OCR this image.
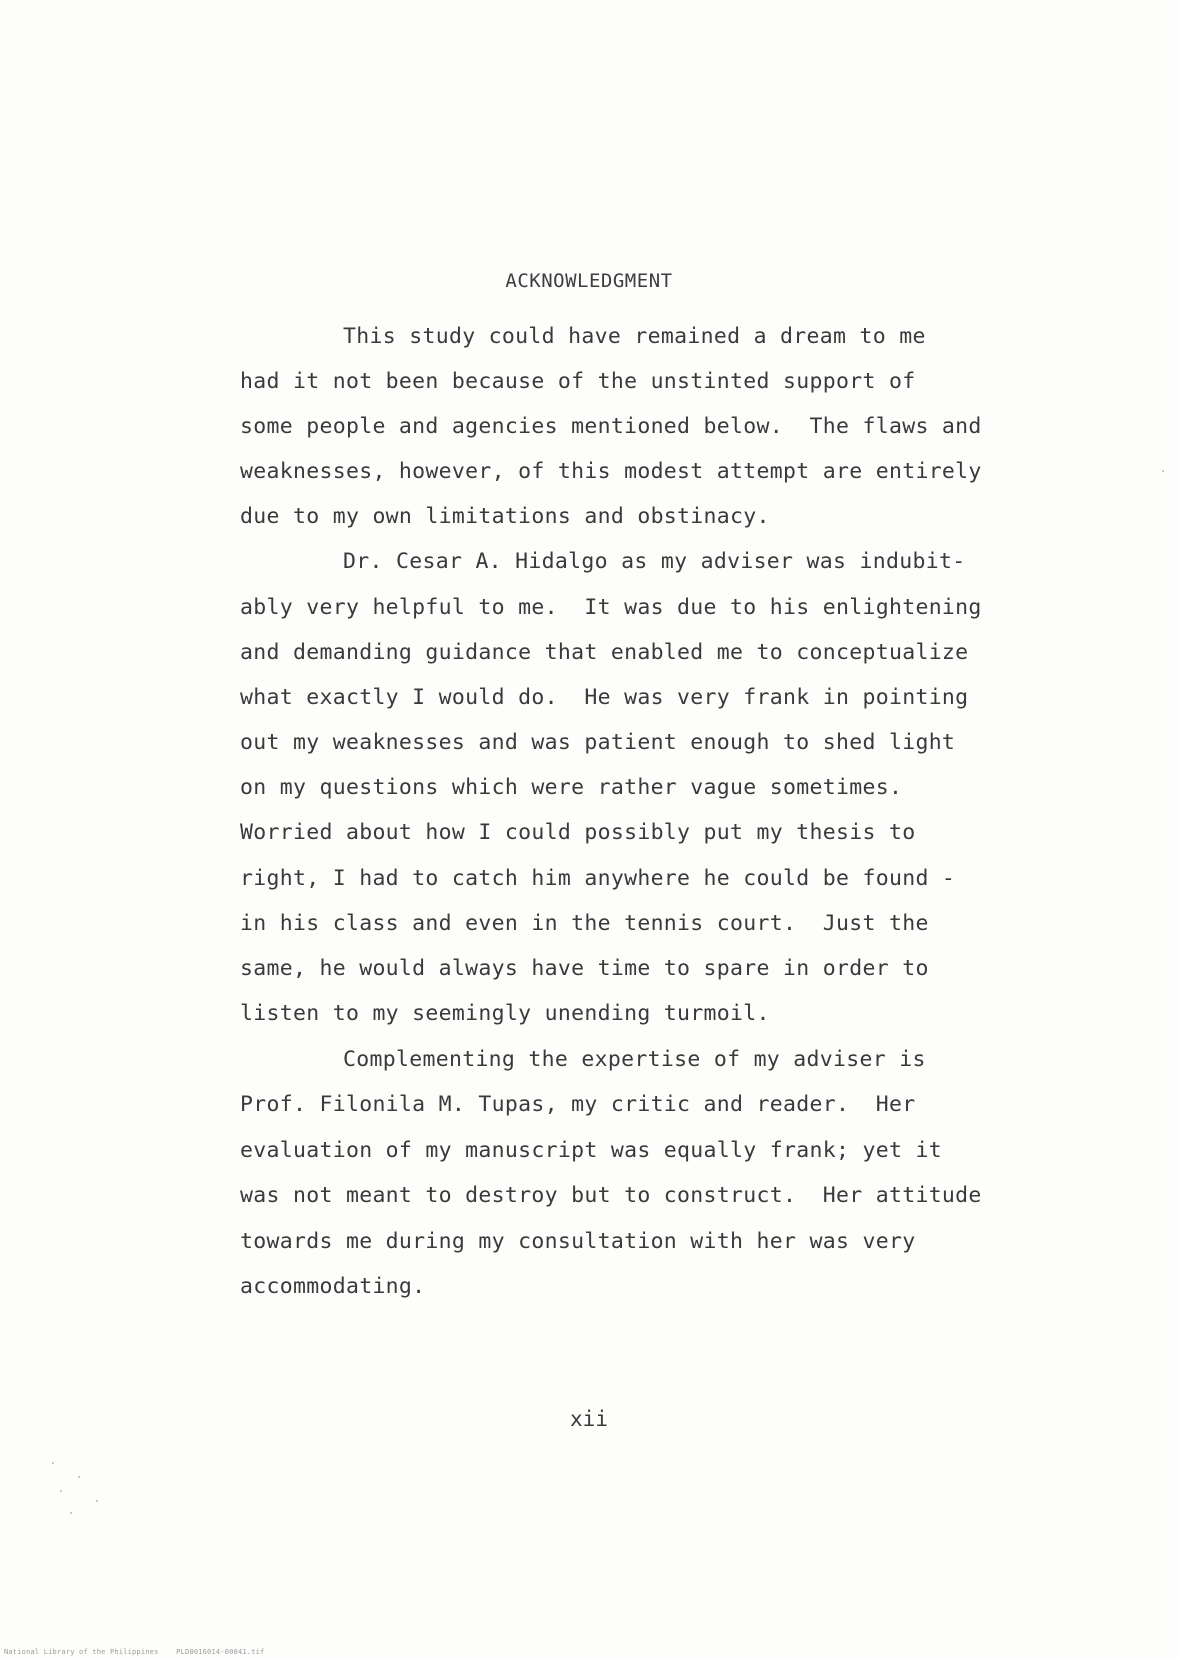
ACKNOWLEDGMENT
This study could have remained a dream to me
had it not been because of the unstinted support of
some people and agencies mentioned below.  The flaws and
weaknesses, however, of this modest attempt are entirely
due to my own limitations and obstinacy.
Dr. Cesar A. Hidalgo as my adviser was indubit-
ably very helpful to me.  It was due to his enlightening
and demanding guidance that enabled me to conceptualize
what exactly I would do.  He was very frank in pointing
out my weaknesses and was patient enough to shed light
on my questions which were rather vague sometimes.
Worried about how I could possibly put my thesis to
right, I had to catch him anywhere he could be found -
in his class and even in the tennis court.  Just the
same, he would always have time to spare in order to
listen to my seemingly unending turmoil.
Complementing the expertise of my adviser is
Prof. Filonila M. Tupas, my critic and reader.  Her
evaluation of my manuscript was equally frank; yet it
was not meant to destroy but to construct.  Her attitude
towards me during my consultation with her was very
accommodating.
xii
National Library of the Philippines    PLD0016014-00041.tif
